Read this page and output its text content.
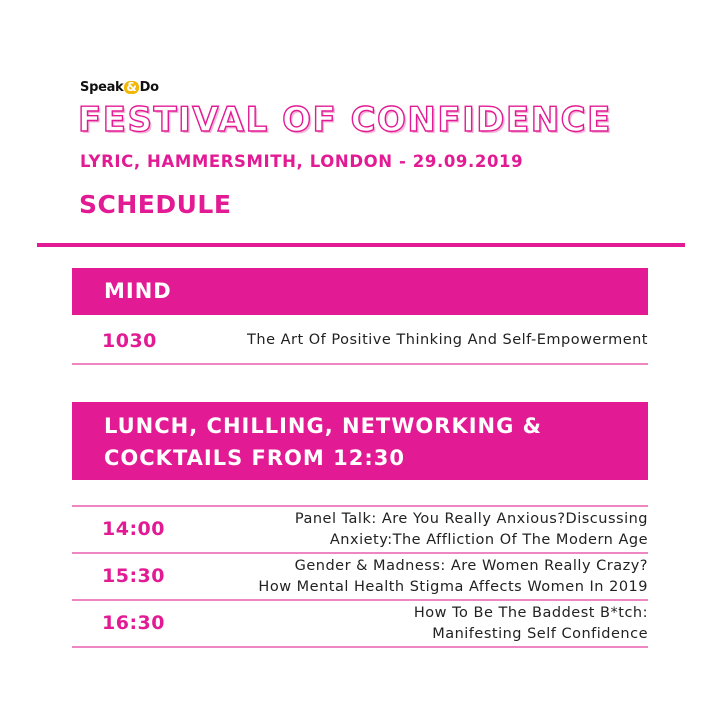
Speak & Do
FESTIVAL OF CONFIDENCE
LYRIC, HAMMERSMITH, LONDON - 29.09.2019
SCHEDULE
MIND
1030	The Art Of Positive Thinking And Self-Empowerment
LUNCH, CHILLING, NETWORKING &
COCKTAILS FROM 12:30
14:00	Panel Talk: Are You Really Anxious?Discussing
Anxiety:The Affliction Of The Modern Age
15:30	Gender & Madness: Are Women Really Crazy?
How Mental Health Stigma Affects Women In 2019
16:30	How To Be The Baddest B*tch:
Manifesting Self Confidence
